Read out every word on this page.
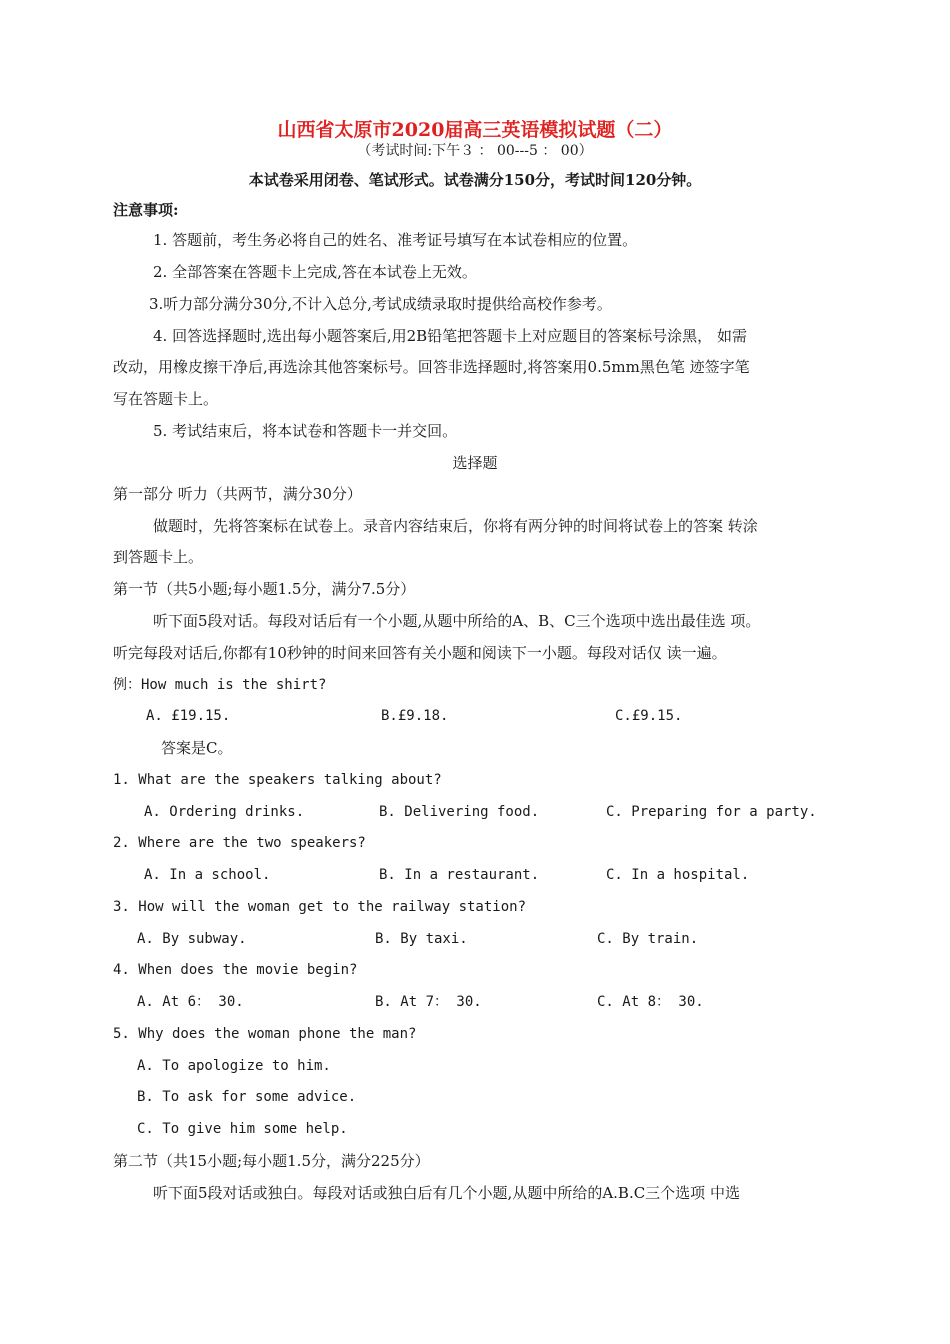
山西省太原市2020届高三英语模拟试题（二）
（考试时间:下午３ ： 00---5 ： 00）
本试卷采用闭卷、笔试形式。试卷满分150分，考试时间120分钟。
注意事项:
1. 答题前，考生务必将自己的姓名、准考证号填写在本试卷相应的位置。
2. 全部答案在答题卡上完成,答在本试卷上无效。
3.听力部分满分30分,不计入总分,考试成绩录取时提供给高校作参考。
4. 回答选择题时,选出每小题答案后,用2B铅笔把答题卡上对应题目的答案标号涂黑， 如需
改动，用橡皮擦干净后,再选涂其他答案标号。回答非选择题时,将答案用0.5mm黑色笔 迹签字笔
写在答题卡上。
5. 考试结束后，将本试卷和答题卡一并交回。
选择题
第一部分 听力（共两节，满分30分）
做题时，先将答案标在试卷上。录音内容结束后，你将有两分钟的时间将试卷上的答案 转涂
到答题卡上。
第一节（共5小题;每小题1.5分，满分7.5分）
听下面5段对话。每段对话后有一个小题,从题中所给的A、B、C三个选项中选出最佳选 项。
听完每段对话后,你都有10秒钟的时间来回答有关小题和阅读下一小题。每段对话仅 读一遍。
例：How much is the shirt?
A. £19.15.	B.£9.18.	C.£9.15.
答案是C。
1. What are the speakers talking about?
A. Ordering drinks.	B. Delivering food.	C. Preparing for a party.
2. Where are the two speakers?
A. In a school.	B. In a restaurant.	C. In a hospital.
3. How will the woman get to the railway station?
A. By subway.	B. By taxi.	C. By train.
4. When does the movie begin?
A. At 6： 30.	B. At 7： 30.	C. At 8： 30.
5. Why does the woman phone the man?
A. To apologize to him.
B. To ask for some advice.
C. To give him some help.
第二节（共15小题;每小题1.5分，满分225分）
听下面5段对话或独白。每段对话或独白后有几个小题,从题中所给的A.B.C三个选项 中选
